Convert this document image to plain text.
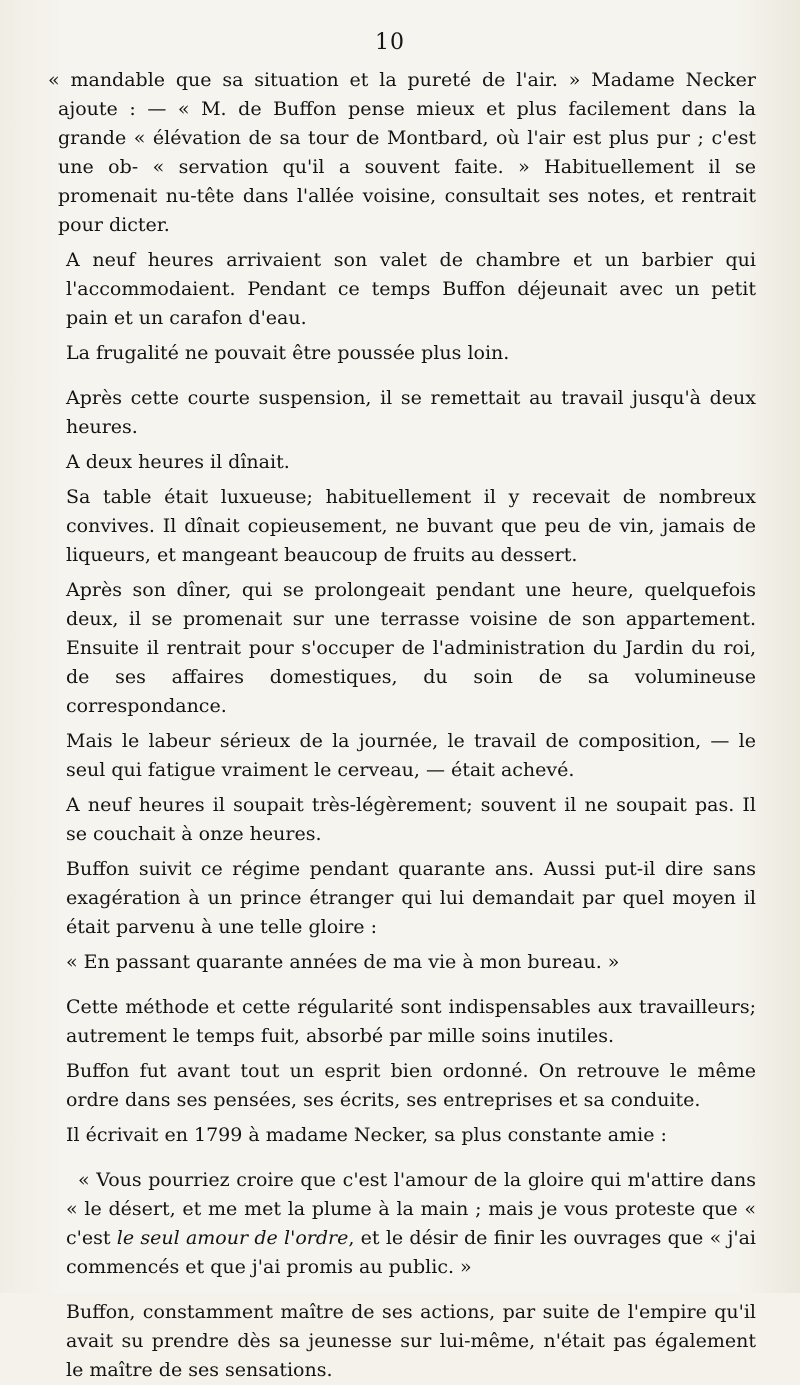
10

« mandable que sa situation et la pureté de l'air. » Madame Necker ajoute : — « M. de Buffon pense mieux et plus facilement dans la grande « élévation de sa tour de Montbard, où l'air est plus pur ; c'est une ob- « servation qu'il a souvent faite. » Habituellement il se promenait nu-tête dans l'allée voisine, consultait ses notes, et rentrait pour dicter.

A neuf heures arrivaient son valet de chambre et un barbier qui l'accommodaient. Pendant ce temps Buffon déjeunait avec un petit pain et un carafon d'eau.

La frugalité ne pouvait être poussée plus loin.

Après cette courte suspension, il se remettait au travail jusqu'à deux heures.

A deux heures il dînait.

Sa table était luxueuse; habituellement il y recevait de nombreux convives. Il dînait copieusement, ne buvant que peu de vin, jamais de liqueurs, et mangeant beaucoup de fruits au dessert.

Après son dîner, qui se prolongeait pendant une heure, quelquefois deux, il se promenait sur une terrasse voisine de son appartement. Ensuite il rentrait pour s'occuper de l'administration du Jardin du roi, de ses affaires domestiques, du soin de sa volumineuse correspondance.

Mais le labeur sérieux de la journée, le travail de composition, — le seul qui fatigue vraiment le cerveau, — était achevé.

A neuf heures il soupait très-légèrement; souvent il ne soupait pas. Il se couchait à onze heures.

Buffon suivit ce régime pendant quarante ans. Aussi put-il dire sans exagération à un prince étranger qui lui demandait par quel moyen il était parvenu à une telle gloire :

« En passant quarante années de ma vie à mon bureau. »

Cette méthode et cette régularité sont indispensables aux travailleurs; autrement le temps fuit, absorbé par mille soins inutiles.

Buffon fut avant tout un esprit bien ordonné. On retrouve le même ordre dans ses pensées, ses écrits, ses entreprises et sa conduite.

Il écrivait en 1799 à madame Necker, sa plus constante amie :

« Vous pourriez croire que c'est l'amour de la gloire qui m'attire dans « le désert, et me met la plume à la main ; mais je vous proteste que « c'est le seul amour de l'ordre, et le désir de finir les ouvrages que « j'ai commencés et que j'ai promis au public. »

Buffon, constamment maître de ses actions, par suite de l'empire qu'il avait su prendre dès sa jeunesse sur lui-même, n'était pas également le maître de ses sensations.
